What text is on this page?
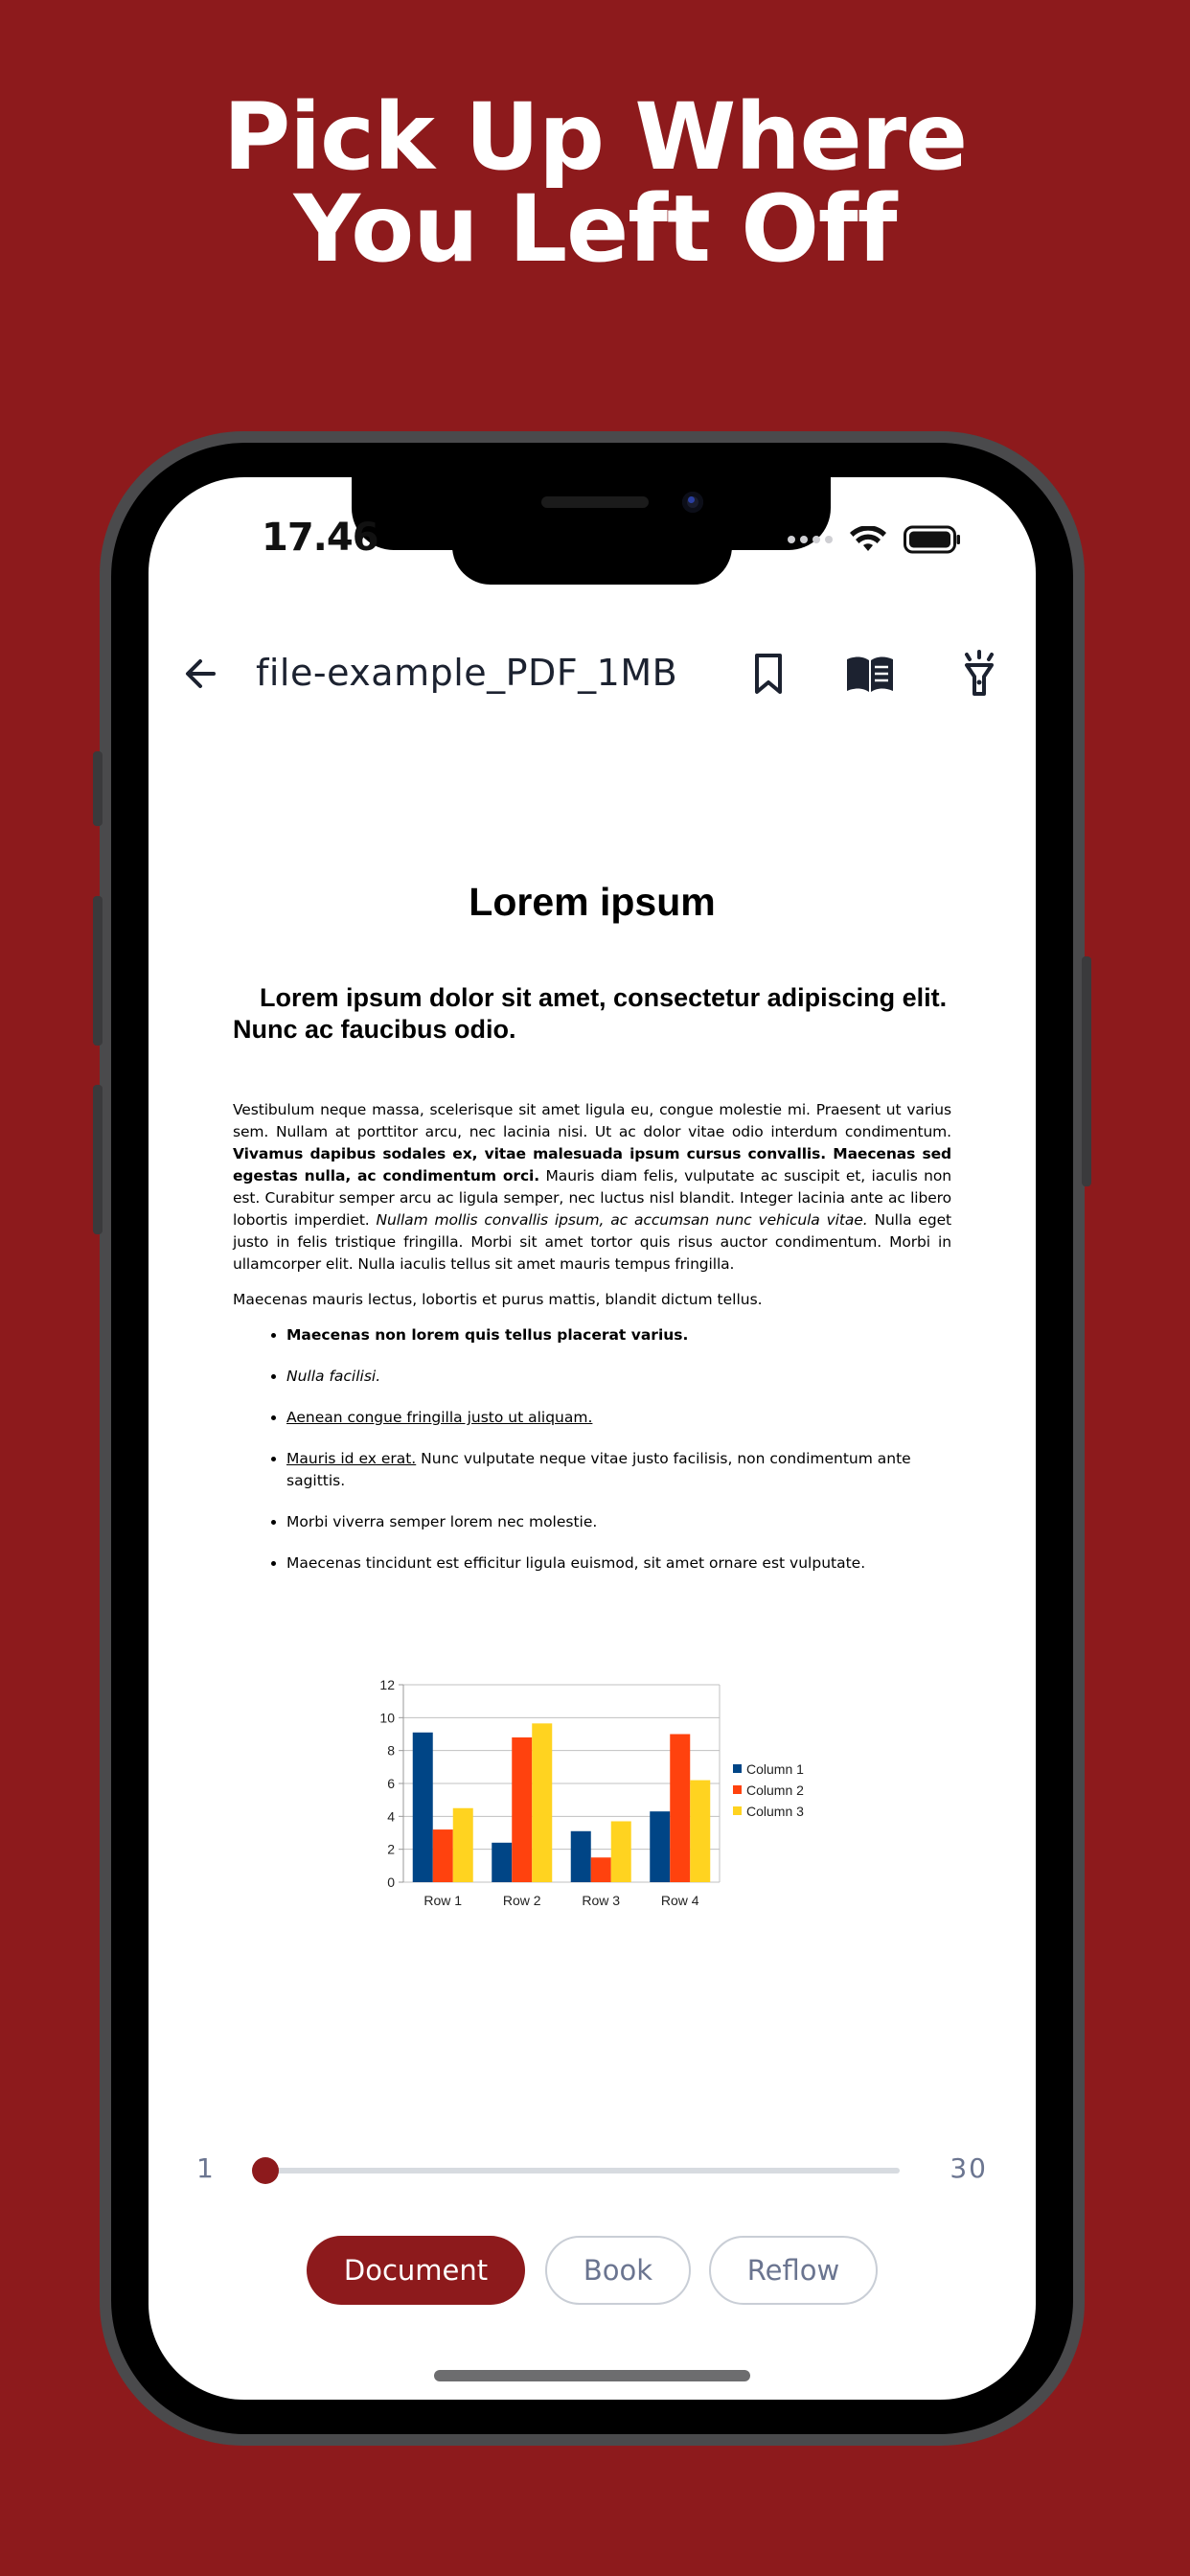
Pick Up Where
You Left Off
17.46
file-example_PDF_1MB
Lorem ipsum
Lorem ipsum dolor sit amet, consectetur adipiscing elit. Nunc ac faucibus odio.
Vestibulum neque massa, scelerisque sit amet ligula eu, congue molestie mi. Praesent ut varius sem. Nullam at porttitor arcu, nec lacinia nisi. Ut ac dolor vitae odio interdum condimentum. Vivamus dapibus sodales ex, vitae malesuada ipsum cursus convallis. Maecenas sed egestas nulla, ac condimentum orci. Mauris diam felis, vulputate ac suscipit et, iaculis non est. Curabitur semper arcu ac ligula semper, nec luctus nisl blandit. Integer lacinia ante ac libero lobortis imperdiet. Nullam mollis convallis ipsum, ac accumsan nunc vehicula vitae. Nulla eget justo in felis tristique fringilla. Morbi sit amet tortor quis risus auctor condimentum. Morbi in ullamcorper elit. Nulla iaculis tellus sit amet mauris tempus fringilla.
Maecenas mauris lectus, lobortis et purus mattis, blandit dictum tellus.
• Maecenas non lorem quis tellus placerat varius.
• Nulla facilisi.
• Aenean congue fringilla justo ut aliquam.
• Mauris id ex erat. Nunc vulputate neque vitae justo facilisis, non condimentum ante sagittis.
• Morbi viverra semper lorem nec molestie.
• Maecenas tincidunt est efficitur ligula euismod, sit amet ornare est vulputate.
0
2
4
6
8
10
12
Row 1	Row 2	Row 3	Row 4
Column 1
Column 2
Column 3
1	30
Document	Book	Reflow
